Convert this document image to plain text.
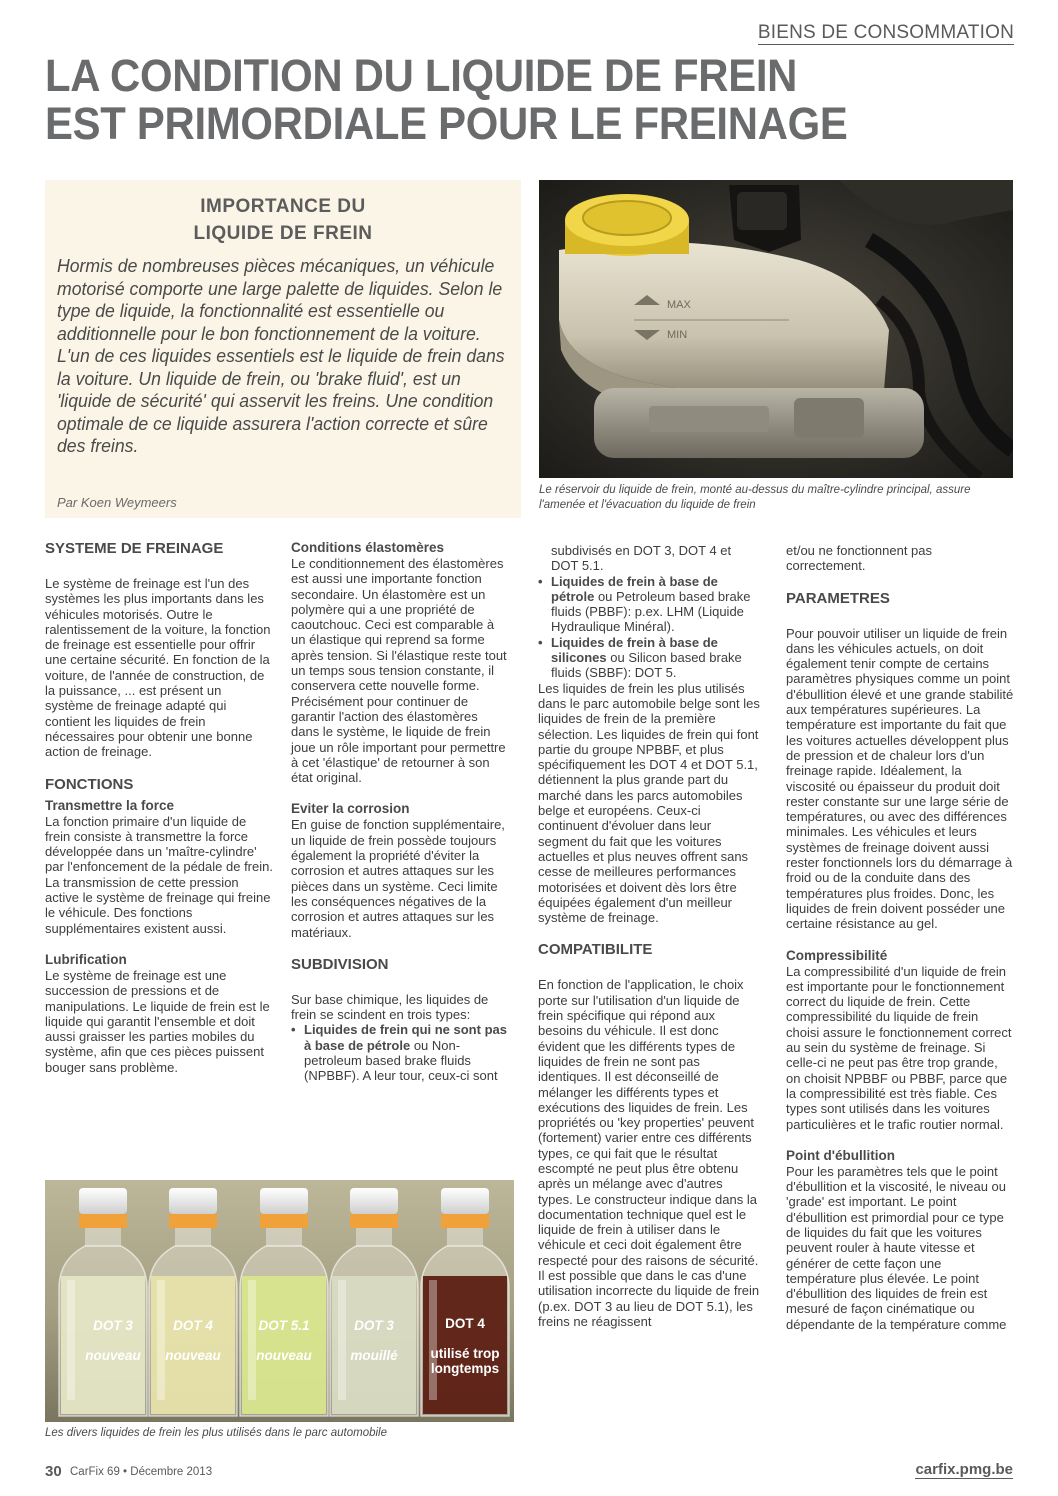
BIENS DE CONSOMMATION
LA CONDITION DU LIQUIDE DE FREIN
EST PRIMORDIALE POUR LE FREINAGE
IMPORTANCE DU
LIQUIDE DE FREIN

Hormis de nombreuses pièces mécaniques, un véhicule motorisé comporte une large palette de liquides. Selon le type de liquide, la fonctionnalité est essentielle ou additionnelle pour le bon fonctionnement de la voiture. L'un de ces liquides essentiels est le liquide de frein dans la voiture. Un liquide de frein, ou 'brake fluid', est un 'liquide de sécurité' qui asservit les freins. Une condition optimale de ce liquide assurera l'action correcte et sûre des freins.

Par Koen Weymeers
MAX
MIN
Le réservoir du liquide de frein, monté au-dessus du maître-cylindre principal, assure l'amenée et l'évacuation du liquide de frein

SYSTEME DE FREINAGE

Le système de freinage est l'un des systèmes les plus importants dans les véhicules motorisés. Outre le ralentissement de la voiture, la fonction de freinage est essentielle pour offrir une certaine sécurité. En fonction de la voiture, de l'année de construction, de la puissance, ... est présent un système de freinage adapté qui contient les liquides de frein nécessaires pour obtenir une bonne action de freinage.

FONCTIONS

Transmettre la force

La fonction primaire d'un liquide de frein consiste à transmettre la force développée dans un 'maître-cylindre' par l'enfoncement de la pédale de frein. La transmission de cette pression active le système de freinage qui freine le véhicule. Des fonctions supplémentaires existent aussi.

Lubrification

Le système de freinage est une succession de pressions et de manipulations. Le liquide de frein est le liquide qui garantit l'ensemble et doit aussi graisser les parties mobiles du système, afin que ces pièces puissent bouger sans problème.

Conditions élastomères

Le conditionnement des élastomères est aussi une importante fonction secondaire. Un élastomère est un polymère qui a une propriété de caoutchouc. Ceci est comparable à un élastique qui reprend sa forme après tension. Si l'élastique reste tout un temps sous tension constante, il conservera cette nouvelle forme. Précisément pour continuer de garantir l'action des élastomères dans le système, le liquide de frein joue un rôle important pour permettre à cet 'élastique' de retourner à son état original.

Eviter la corrosion

En guise de fonction supplémentaire, un liquide de frein possède toujours également la propriété d'éviter la corrosion et autres attaques sur les pièces dans un système. Ceci limite les conséquences négatives de la corrosion et autres attaques sur les matériaux.

SUBDIVISION

Sur base chimique, les liquides de frein se scindent en trois types:

• Liquides de frein qui ne sont pas à base de pétrole ou Non-petroleum based brake fluids (NPBBF). A leur tour, ceux-ci sont

subdivisés en DOT 3, DOT 4 et DOT 5.1.

• Liquides de frein à base de pétrole ou Petroleum based brake fluids (PBBF): p.ex. LHM (Liquide Hydraulique Minéral).

• Liquides de frein à base de silicones ou Silicon based brake fluids (SBBF): DOT 5.

Les liquides de frein les plus utilisés dans le parc automobile belge sont les liquides de frein de la première sélection. Les liquides de frein qui font partie du groupe NPBBF, et plus spécifiquement les DOT 4 et DOT 5.1, détiennent la plus grande part du marché dans les parcs automobiles belge et européens. Ceux-ci continuent d'évoluer dans leur segment du fait que les voitures actuelles et plus neuves offrent sans cesse de meilleures performances motorisées et doivent dès lors être équipées également d'un meilleur système de freinage.

COMPATIBILITE

En fonction de l'application, le choix porte sur l'utilisation d'un liquide de frein spécifique qui répond aux besoins du véhicule. Il est donc évident que les différents types de liquides de frein ne sont pas identiques. Il est déconseillé de mélanger les différents types et exécutions des liquides de frein. Les propriétés ou 'key properties' peuvent (fortement) varier entre ces différents types, ce qui fait que le résultat escompté ne peut plus être obtenu après un mélange avec d'autres types. Le constructeur indique dans la documentation technique quel est le liquide de frein à utiliser dans le véhicule et ceci doit également être respecté pour des raisons de sécurité. Il est possible que dans le cas d'une utilisation incorrecte du liquide de frein (p.ex. DOT 3 au lieu de DOT 5.1), les freins ne réagissent

et/ou ne fonctionnent pas correctement.

PARAMETRES

Pour pouvoir utiliser un liquide de frein dans les véhicules actuels, on doit également tenir compte de certains paramètres physiques comme un point d'ébullition élevé et une grande stabilité aux températures supérieures. La température est importante du fait que les voitures actuelles développent plus de pression et de chaleur lors d'un freinage rapide. Idéalement, la viscosité ou épaisseur du produit doit rester constante sur une large série de températures, ou avec des différences minimales. Les véhicules et leurs systèmes de freinage doivent aussi rester fonctionnels lors du démarrage à froid ou de la conduite dans des températures plus froides. Donc, les liquides de frein doivent posséder une certaine résistance au gel.

Compressibilité

La compressibilité d'un liquide de frein est importante pour le fonctionnement correct du liquide de frein. Cette compressibilité du liquide de frein choisi assure le fonctionnement correct au sein du système de freinage. Si celle-ci ne peut pas être trop grande, on choisit NPBBF ou PBBF, parce que la compressibilité est très fiable. Ces types sont utilisés dans les voitures particulières et le trafic routier normal.

Point d'ébullition

Pour les paramètres tels que le point d'ébullition et la viscosité, le niveau ou 'grade' est important. Le point d'ébullition est primordial pour ce type de liquides du fait que les voitures peuvent rouler à haute vitesse et générer de cette façon une température plus élevée. Le point d'ébullition des liquides de frein est mesuré de façon cinématique ou dépendante de la température comme

DOT 3

nouveau
DOT 4

nouveau
DOT 5.1

nouveau
DOT 3

mouillé
DOT 4

utilisé trop
longtemps
Les divers liquides de frein les plus utilisés dans le parc automobile
30 CarFix 69 • Décembre 2013	carfix.pmg.be
